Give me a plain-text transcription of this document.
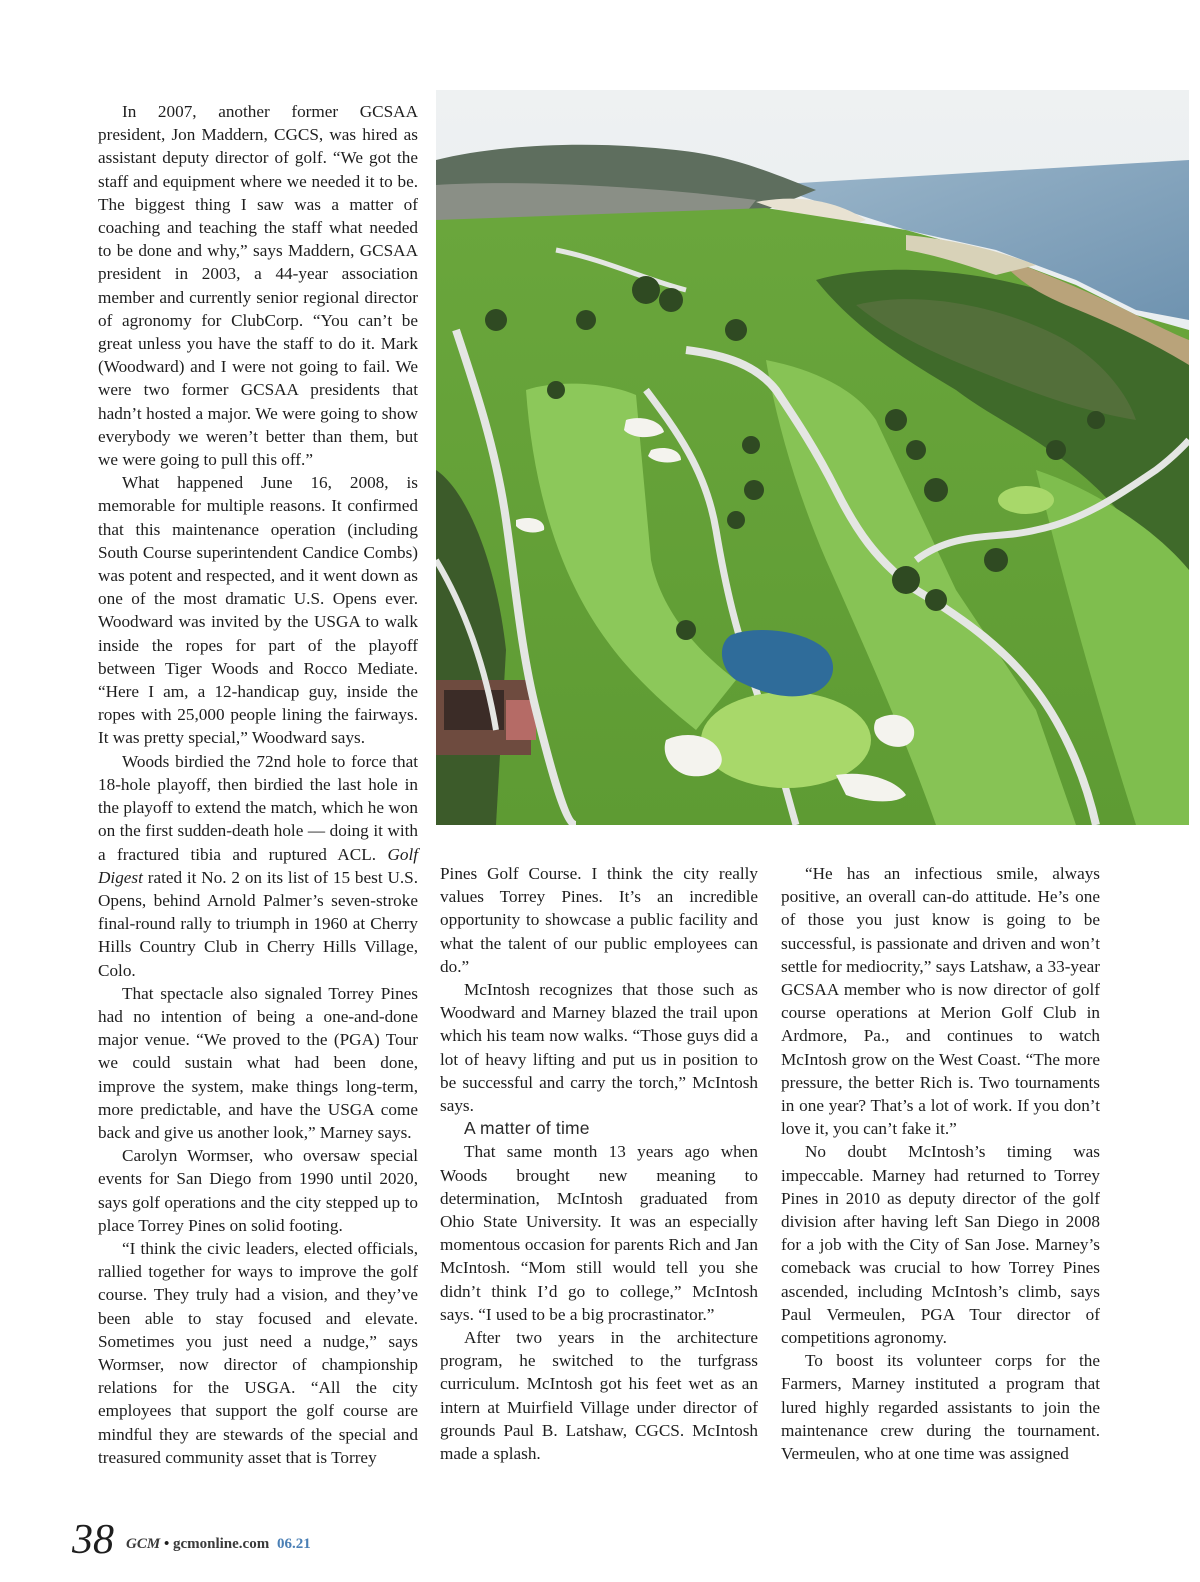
In 2007, another former GCSAA president, Jon Maddern, CGCS, was hired as assistant deputy director of golf. “We got the staff and equipment where we needed it to be. The biggest thing I saw was a matter of coaching and teaching the staff what needed to be done and why,” says Maddern, GCSAA president in 2003, a 44-year association member and currently senior regional director of agronomy for ClubCorp. “You can’t be great unless you have the staff to do it. Mark (Woodward) and I were not going to fail. We were two former GCSAA presidents that hadn’t hosted a major. We were going to show everybody we weren’t better than them, but we were going to pull this off.”

What happened June 16, 2008, is memorable for multiple reasons. It confirmed that this maintenance operation (including South Course superintendent Candice Combs) was potent and respected, and it went down as one of the most dramatic U.S. Opens ever. Woodward was invited by the USGA to walk inside the ropes for part of the playoff between Tiger Woods and Rocco Mediate. “Here I am, a 12-handicap guy, inside the ropes with 25,000 people lining the fairways. It was pretty special,” Woodward says.

Woods birdied the 72nd hole to force that 18-hole playoff, then birdied the last hole in the playoff to extend the match, which he won on the first sudden-death hole — doing it with a fractured tibia and ruptured ACL. Golf Digest rated it No. 2 on its list of 15 best U.S. Opens, behind Arnold Palmer’s seven-stroke final-round rally to triumph in 1960 at Cherry Hills Country Club in Cherry Hills Village, Colo.

That spectacle also signaled Torrey Pines had no intention of being a one-and-done major venue. “We proved to the (PGA) Tour we could sustain what had been done, improve the system, make things long-term, more predictable, and have the USGA come back and give us another look,” Marney says.

Carolyn Wormser, who oversaw special events for San Diego from 1990 until 2020, says golf operations and the city stepped up to place Torrey Pines on solid footing.

“I think the civic leaders, elected officials, rallied together for ways to improve the golf course. They truly had a vision, and they’ve been able to stay focused and elevate. Sometimes you just need a nudge,” says Wormser, now director of championship relations for the USGA. “All the city employees that support the golf course are mindful they are stewards of the special and treasured community asset that is Torrey

Pines Golf Course. I think the city really values Torrey Pines. It’s an incredible opportunity to showcase a public facility and what the talent of our public employees can do.”

McIntosh recognizes that those such as Woodward and Marney blazed the trail upon which his team now walks. “Those guys did a lot of heavy lifting and put us in position to be successful and carry the torch,” McIntosh says.

A matter of time

That same month 13 years ago when Woods brought new meaning to determination, McIntosh graduated from Ohio State University. It was an especially momentous occasion for parents Rich and Jan McIntosh. “Mom still would tell you she didn’t think I’d go to college,” McIntosh says. “I used to be a big procrastinator.”

After two years in the architecture program, he switched to the turfgrass curriculum. McIntosh got his feet wet as an intern at Muirfield Village under director of grounds Paul B. Latshaw, CGCS. McIntosh made a splash.

“He has an infectious smile, always positive, an overall can-do attitude. He’s one of those you just know is going to be successful, is passionate and driven and won’t settle for mediocrity,” says Latshaw, a 33-year GCSAA member who is now director of golf course operations at Merion Golf Club in Ardmore, Pa., and continues to watch McIntosh grow on the West Coast. “The more pressure, the better Rich is. Two tournaments in one year? That’s a lot of work. If you don’t love it, you can’t fake it.”

No doubt McIntosh’s timing was impeccable. Marney had returned to Torrey Pines in 2010 as deputy director of the golf division after having left San Diego in 2008 for a job with the City of San Jose. Marney’s comeback was crucial to how Torrey Pines ascended, including McIntosh’s climb, says Paul Vermeulen, PGA Tour director of competitions agronomy.

To boost its volunteer corps for the Farmers, Marney instituted a program that lured highly regarded assistants to join the maintenance crew during the tournament. Vermeulen, who at one time was assigned

38 GCM • gcmonline.com 06.21
